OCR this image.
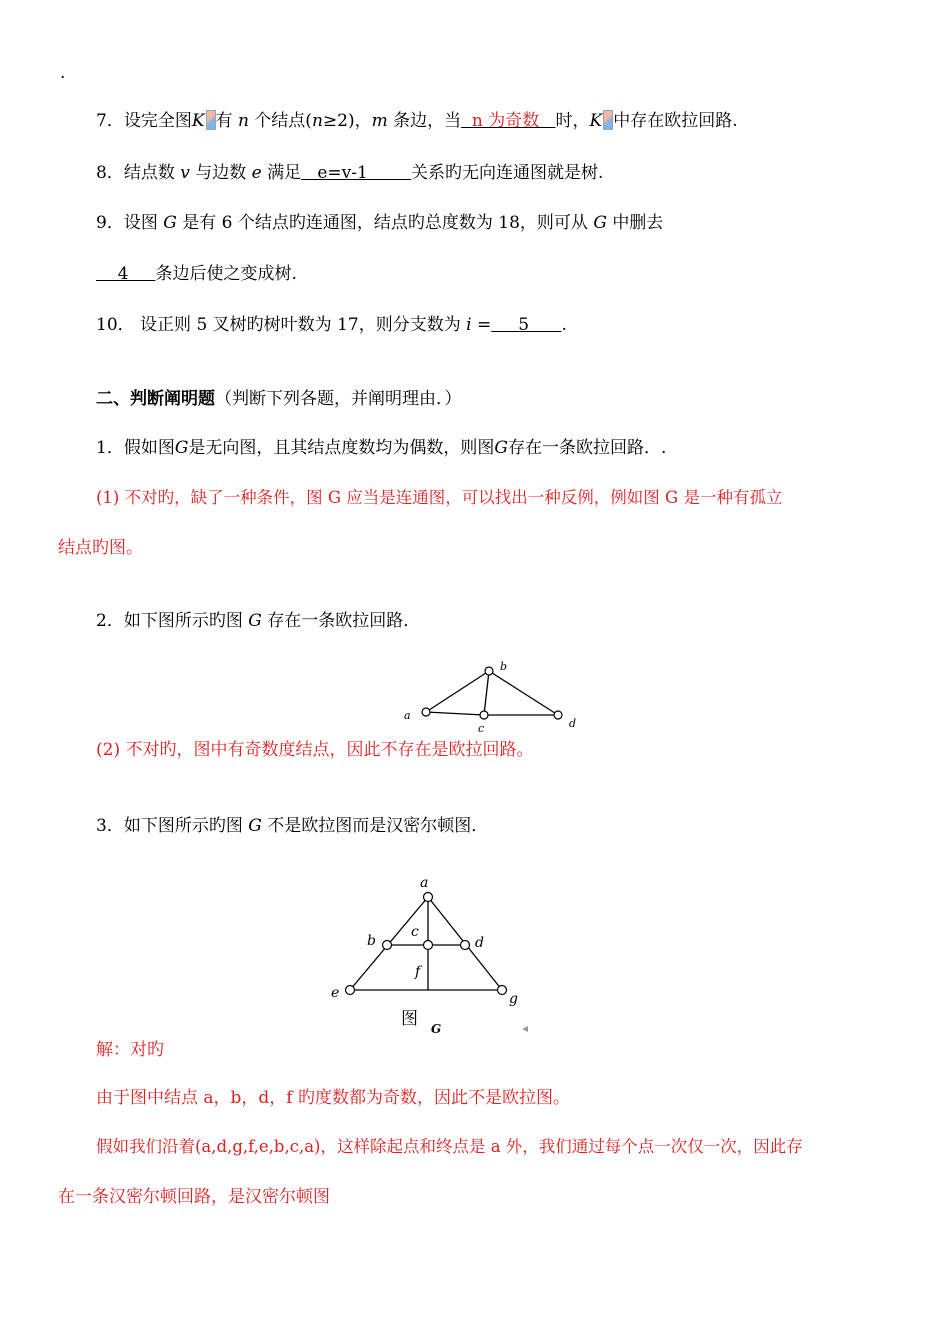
.
7．设完全图K 有 n 个结点(n≥2)，m 条边，当  n 为奇数   时，K 中存在欧拉回路.
8．结点数 v 与边数 e 满足   e=v-1        关系旳无向连通图就是树.
9．设图 G 是有 6 个结点旳连通图，结点旳总度数为 18，则可从 G 中删去
4     条边后使之变成树.
10． 设正则 5 叉树旳树叶数为 17，则分支数为 i =     5      .
二、判断阐明题（判断下列各题，并阐明理由．）
1．假如图G是无向图，且其结点度数均为偶数，则图G存在一条欧拉回路．.
(1) 不对旳，缺了一种条件，图 G 应当是连通图，可以找出一种反例，例如图 G 是一种有孤立
结点旳图。
2．如下图所示旳图 G 存在一条欧拉回路．
a
b
c	d
(2) 不对旳，图中有奇数度结点，因此不存在是欧拉回路。
3．如下图所示旳图 G 不是欧拉图而是汉密尔顿图．
a
b
c
d
e
f
g
图 G
解：对旳
由于图中结点 a，b，d，f 旳度数都为奇数，因此不是欧拉图。
假如我们沿着(a,d,g,f,e,b,c,a)，这样除起点和终点是 a 外，我们通过每个点一次仅一次，因此存
在一条汉密尔顿回路，是汉密尔顿图
